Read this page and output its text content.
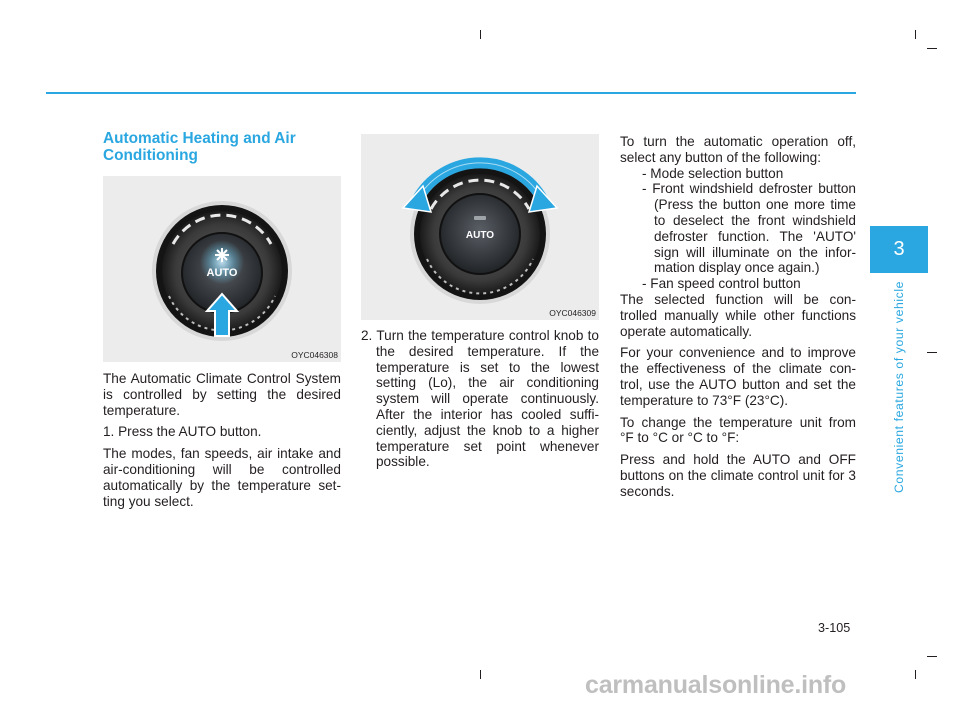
Automatic Heating and Air Conditioning
AUTO
OYC046308

The Automatic Climate Control System is controlled by setting the desired temperature.

1. Press the AUTO button.

The modes, fan speeds, air intake and air-conditioning will be controlled automatically by the temperature set- ting you select.

AUTO
OYC046309

2. Turn the temperature control knob to the desired temperature. If the temperature is set to the lowest setting (Lo), the air conditioning system will operate continuously. After the interior has cooled suffi- ciently, adjust the knob to a higher temperature set point whenever possible.

To turn the automatic operation off, select any button of the following:

- Mode selection button

- Front windshield defroster button (Press the button one more time to deselect the front windshield defroster function. The 'AUTO' sign will illuminate on the infor- mation display once again.)

- Fan speed control button

The selected function will be con- trolled manually while other functions operate automatically.

For your convenience and to improve the effectiveness of the climate con- trol, use the AUTO button and set the temperature to 73°F (23°C).

To change the temperature unit from °F to °C or °C to °F:

Press and hold the AUTO and OFF buttons on the climate control unit for 3 seconds.

3
Convenient features of your vehicle
3-105
carmanualsonline.info
